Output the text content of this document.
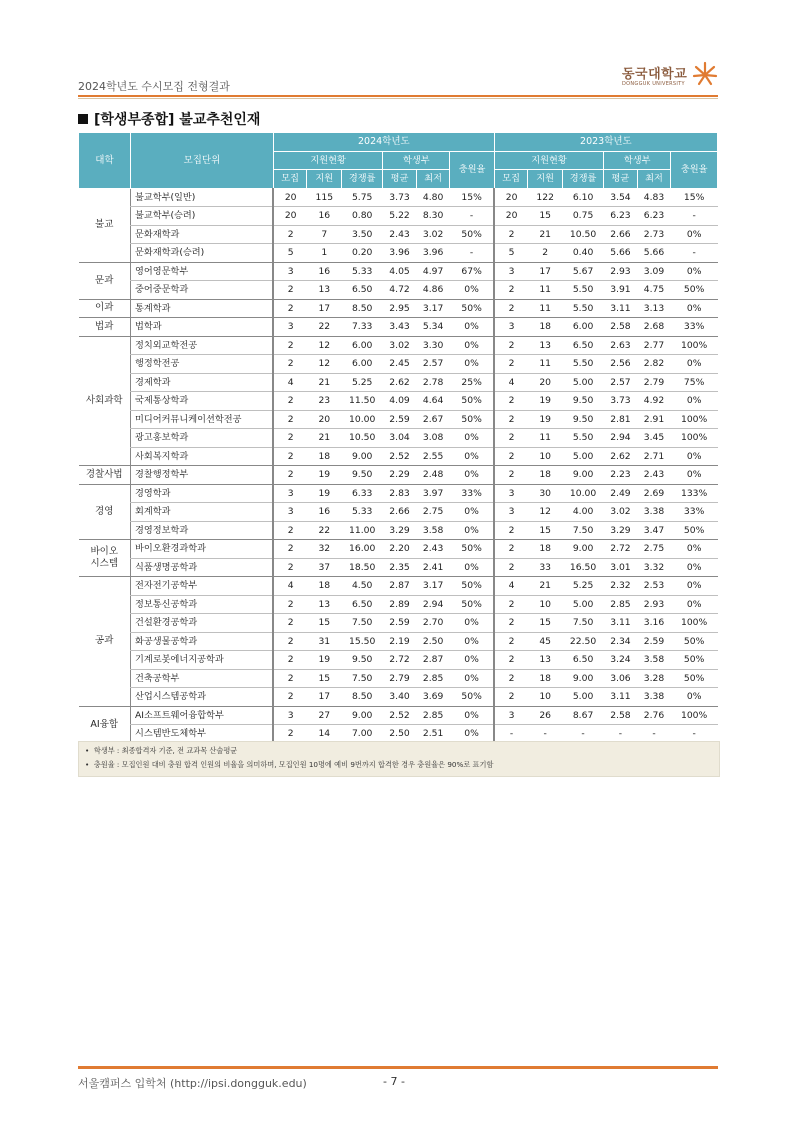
2024학년도 수시모집 전형결과
동국대학교
DONGGUK UNIVERSITY
[학생부종합] 불교추천인재
대학	모집단위	2024학년도						2023학년도					
		지원현황			학생부		충원율	지원현황			학생부		충원율
		모집	지원	경쟁률	평균	최저		모집	지원	경쟁률	평균	최저	
불교	불교학부(일반)	20	115	5.75	3.73	4.80	15%	20	122	6.10	3.54	4.83	15%
	불교학부(승려)	20	16	0.80	5.22	8.30	-	20	15	0.75	6.23	6.23	-
	문화재학과	2	7	3.50	2.43	3.02	50%	2	21	10.50	2.66	2.73	0%
	문화재학과(승려)	5	1	0.20	3.96	3.96	-	5	2	0.40	5.66	5.66	-
문과	영어영문학부	3	16	5.33	4.05	4.97	67%	3	17	5.67	2.93	3.09	0%
	중어중문학과	2	13	6.50	4.72	4.86	0%	2	11	5.50	3.91	4.75	50%
이과	통계학과	2	17	8.50	2.95	3.17	50%	2	11	5.50	3.11	3.13	0%
법과	법학과	3	22	7.33	3.43	5.34	0%	3	18	6.00	2.58	2.68	33%
사회과학	정치외교학전공	2	12	6.00	3.02	3.30	0%	2	13	6.50	2.63	2.77	100%
	행정학전공	2	12	6.00	2.45	2.57	0%	2	11	5.50	2.56	2.82	0%
	경제학과	4	21	5.25	2.62	2.78	25%	4	20	5.00	2.57	2.79	75%
	국제통상학과	2	23	11.50	4.09	4.64	50%	2	19	9.50	3.73	4.92	0%
	미디어커뮤니케이션학전공	2	20	10.00	2.59	2.67	50%	2	19	9.50	2.81	2.91	100%
	광고홍보학과	2	21	10.50	3.04	3.08	0%	2	11	5.50	2.94	3.45	100%
	사회복지학과	2	18	9.00	2.52	2.55	0%	2	10	5.00	2.62	2.71	0%
경찰사법	경찰행정학부	2	19	9.50	2.29	2.48	0%	2	18	9.00	2.23	2.43	0%
경영	경영학과	3	19	6.33	2.83	3.97	33%	3	30	10.00	2.49	2.69	133%
	회계학과	3	16	5.33	2.66	2.75	0%	3	12	4.00	3.02	3.38	33%
	경영정보학과	2	22	11.00	3.29	3.58	0%	2	15	7.50	3.29	3.47	50%
바이오
시스템	바이오환경과학과	2	32	16.00	2.20	2.43	50%	2	18	9.00	2.72	2.75	0%
	식품생명공학과	2	37	18.50	2.35	2.41	0%	2	33	16.50	3.01	3.32	0%
공과	전자전기공학부	4	18	4.50	2.87	3.17	50%	4	21	5.25	2.32	2.53	0%
	정보통신공학과	2	13	6.50	2.89	2.94	50%	2	10	5.00	2.85	2.93	0%
	건설환경공학과	2	15	7.50	2.59	2.70	0%	2	15	7.50	3.11	3.16	100%
	화공생물공학과	2	31	15.50	2.19	2.50	0%	2	45	22.50	2.34	2.59	50%
	기계로봇에너지공학과	2	19	9.50	2.72	2.87	0%	2	13	6.50	3.24	3.58	50%
	건축공학부	2	15	7.50	2.79	2.85	0%	2	18	9.00	3.06	3.28	50%
	산업시스템공학과	2	17	8.50	3.40	3.69	50%	2	10	5.00	3.11	3.38	0%
AI융합	AI소프트웨어융합학부	3	27	9.00	2.52	2.85	0%	3	26	8.67	2.58	2.76	100%
	시스템반도체학부	2	14	7.00	2.50	2.51	0%	-	-	-	-	-	-
•  학생부 : 최종합격자 기준, 전 교과목 산술평균
•  충원율 : 모집인원 대비 충원 합격 인원의 비율을 의미하며, 모집인원 10명에 예비 9번까지 합격한 경우 충원율은 90%로 표기함
서울캠퍼스 입학처 (http://ipsi.dongguk.edu)	- 7 -
